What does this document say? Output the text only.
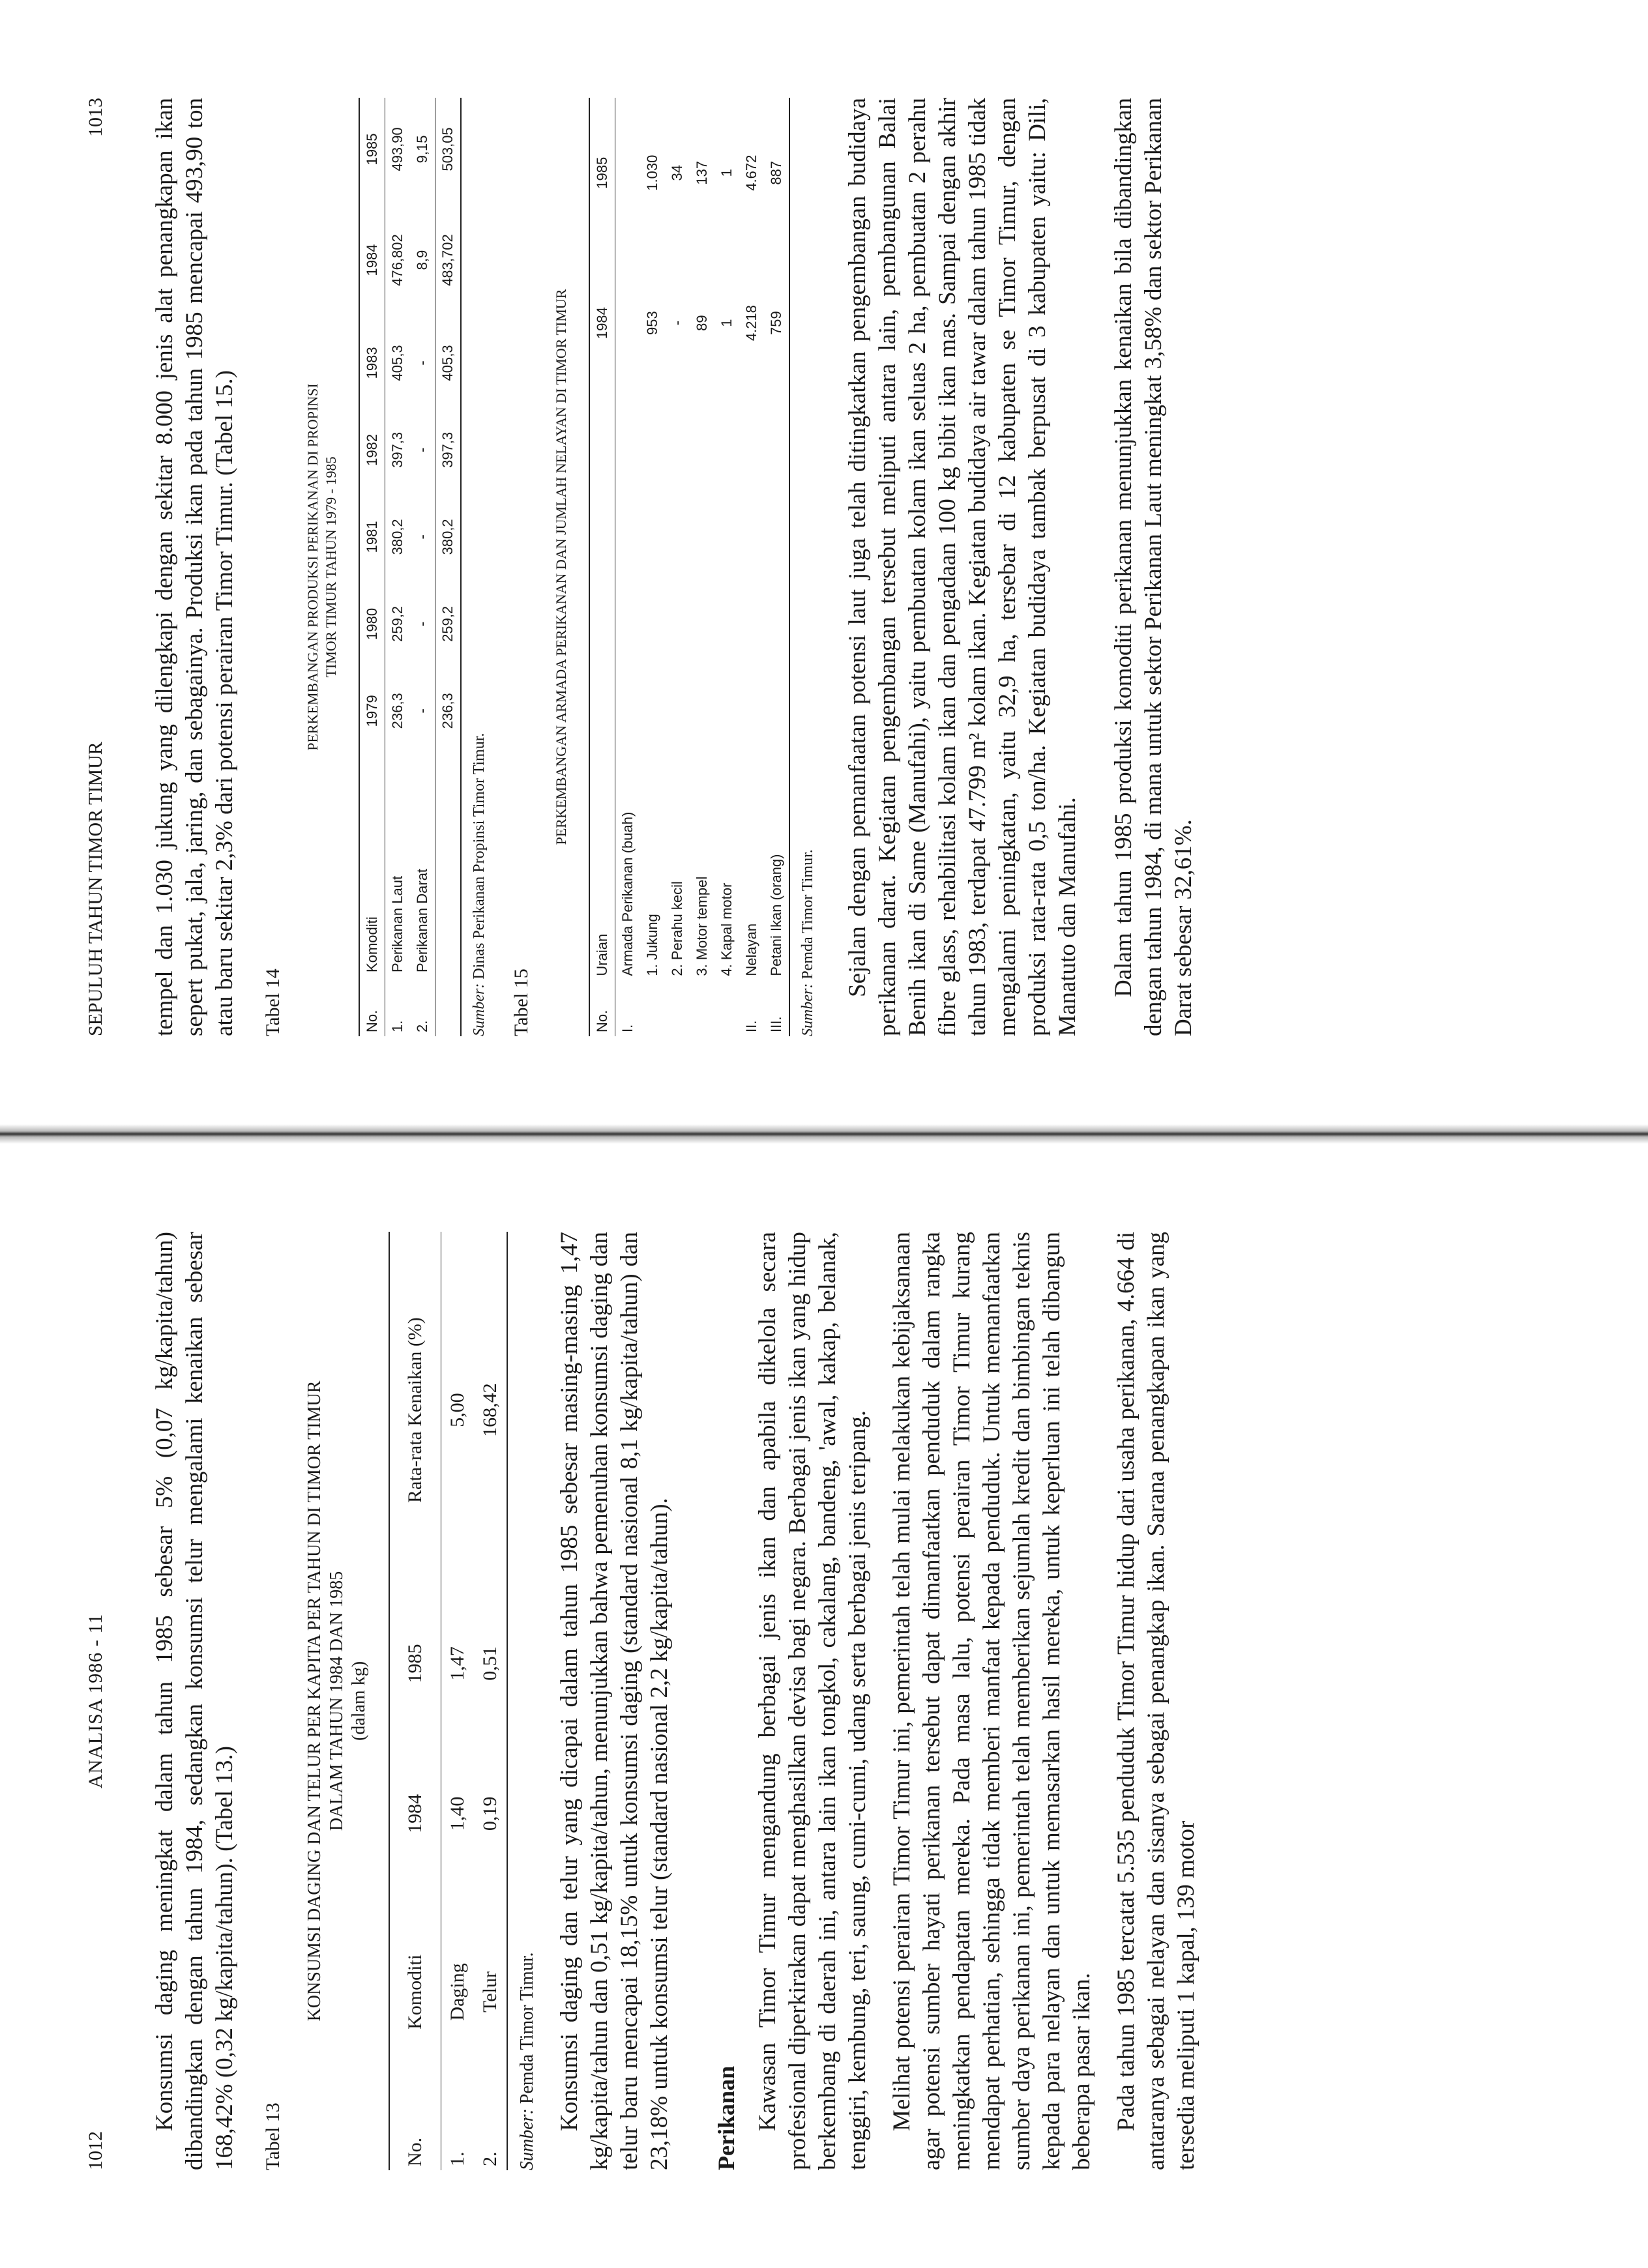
1012
ANALISA 1986 - 11 Konsumsi daging meningkat dalam tahun 1985 sebesar 5% (0,07 kg/kapita/tahun) dibandingkan dengan tahun 1984, sedangkan konsumsi telur mengalami kenaikan sebesar 168,42% (0,32 kg/kapita/tahun). (Tabel 13.) Tabel 13
KONSUMSI DAGING DAN TELUR PER KAPITA PER TAHUN DI TIMOR TIMUR DALAM TAHUN 1984 DAN 1985 (dalam kg)
No.	Komoditi	1984	1985	Rata-rata Kenaikan (%)
1.	Daging	1,40	1,47	5,00
2.	Telur	0,19	0,51	168,42
Sumber: Pemda Timor Timur. Konsumsi daging dan telur yang dicapai dalam tahun 1985 sebesar masing-masing 1,47 kg/kapita/tahun dan 0,51 kg/kapita/tahun, menunjukkan bahwa pemenuhan konsumsi daging dan telur baru mencapai 18,15% untuk konsumsi daging (standard nasional 8,1 kg/kapita/tahun) dan 23,18% untuk konsumsi telur (standard nasional 2,2 kg/kapita/tahun). Perikanan Kawasan Timor Timur mengandung berbagai jenis ikan dan apabila dikelola secara profesional diperkirakan dapat menghasilkan devisa bagi negara. Berbagai jenis ikan yang hidup berkembang di daerah ini, antara lain ikan tongkol, cakalang, bandeng, 'awal, kakap, belanak, tenggiri, kembung, teri, saung, cumi-cumi, udang serta berbagai jenis teripang. Melihat potensi perairan Timor Timur ini, pemerintah telah mulai melakukan kebijaksanaan agar potensi sumber hayati perikanan tersebut dapat dimanfaatkan penduduk dalam rangka meningkatkan pendapatan mereka. Pada masa lalu, potensi perairan Timor Timur kurang mendapat perhatian, sehingga tidak memberi manfaat kepada penduduk. Untuk memanfaatkan sumber daya perikanan ini, pemerintah telah memberikan sejumlah kredit dan bimbingan teknis kepada para nelayan dan untuk memasarkan hasil mereka, untuk keperluan ini telah dibangun beberapa pasar ikan. Pada tahun 1985 tercatat 5.535 penduduk Timor Timur hidup dari usaha perikanan, 4.664 di antaranya sebagai nelayan dan sisanya sebagai penangkap ikan. Sarana penangkapan ikan yang tersedia meliputi 1 kapal, 139 motor

SEPULUH TAHUN TIMOR TIMUR
1013 tempel dan 1.030 jukung yang dilengkapi dengan sekitar 8.000 jenis alat penangkapan ikan sepert pukat, jala, jaring, dan sebagainya. Produksi ikan pada tahun 1985 mencapai 493,90 ton atau baru sekitar 2,3% dari potensi perairan Timor Timur. (Tabel 15.) Tabel 14
PERKEMBANGAN PRODUKSI PERIKANAN DI PROPINSI TIMOR TIMUR TAHUN 1979 - 1985
No.	Komoditi	1979	1980	1981	1982	1983	1984	1985
1.	Perikanan Laut	236,3	259,2	380,2	397,3	405,3	476,802	493,90
2.	Perikanan Darat	-	-	-	-	-	8,9	9,15
		236,3	259,2	380,2	397,3	405,3	483,702	503,05
Sumber: Dinas Perikanan Propinsi Timor Timur.
Tabel 15
PERKEMBANGAN ARMADA PERIKANAN DAN JUMLAH NELAYAN DI TIMOR TIMUR
No.	Uraian	1984	1985
I.	Armada Perikanan (buah)		
	1. Jukung	953	1.030
	2. Perahu kecil	-	34
	3. Motor tempel	89	137
	4. Kapal motor	1	1
II.	Nelayan	4.218	4.672
III.	Petani Ikan (orang)	759	887
Sumber: Pemda Timor Timur. Sejalan dengan pemanfaatan potensi laut juga telah ditingkatkan pengembangan budidaya perikanan darat. Kegiatan pengembangan tersebut meliputi antara lain, pembangunan Balai Benih ikan di Same (Manufahi), yaitu pembuatan kolam ikan seluas 2 ha, pembuatan 2 perahu fibre glass, rehabilitasi kolam ikan dan pengadaan 100 kg bibit ikan mas. Sampai dengan akhir tahun 1983, terdapat 47.799 m² kolam ikan. Kegiatan budidaya air tawar dalam tahun 1985 tidak mengalami peningkatan, yaitu 32,9 ha, tersebar di 12 kabupaten se Timor Timur, dengan produksi rata-rata 0,5 ton/ha. Kegiatan budidaya tambak berpusat di 3 kabupaten yaitu: Dili, Manatuto dan Manufahi. Dalam tahun 1985 produksi komoditi perikanan menunjukkan kenaikan bila dibandingkan dengan tahun 1984, di mana untuk sektor Perikanan Laut meningkat 3,58% dan sektor Perikanan Darat sebesar 32,61%.
